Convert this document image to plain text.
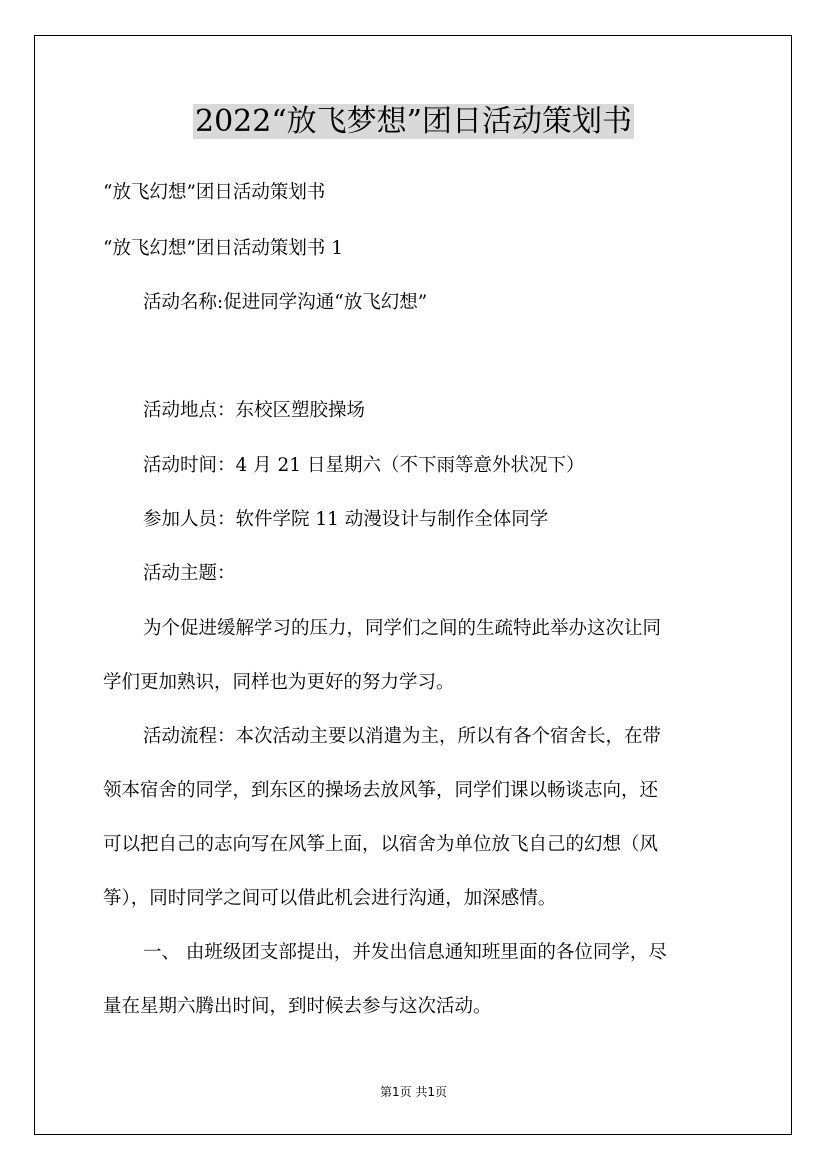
2022“放飞梦想”团日活动策划书

“放飞幻想”团日活动策划书

“放飞幻想”团日活动策划书 1

活动名称:促进同学沟通“放飞幻想”

活动地点：东校区塑胶操场

活动时间：4 月 21 日星期六（不下雨等意外状况下）

参加人员：软件学院 11 动漫设计与制作全体同学

活动主题：

为个促进缓解学习的压力，同学们之间的生疏特此举办这次让同

学们更加熟识，同样也为更好的努力学习。

活动流程：本次活动主要以消遣为主，所以有各个宿舍长，在带

领本宿舍的同学，到东区的操场去放风筝，同学们课以畅谈志向，还

可以把自己的志向写在风筝上面，以宿舍为单位放飞自己的幻想（风

筝），同时同学之间可以借此机会进行沟通，加深感情。

一、 由班级团支部提出，并发出信息通知班里面的各位同学，尽

量在星期六腾出时间，到时候去参与这次活动。

第1页 共1页
